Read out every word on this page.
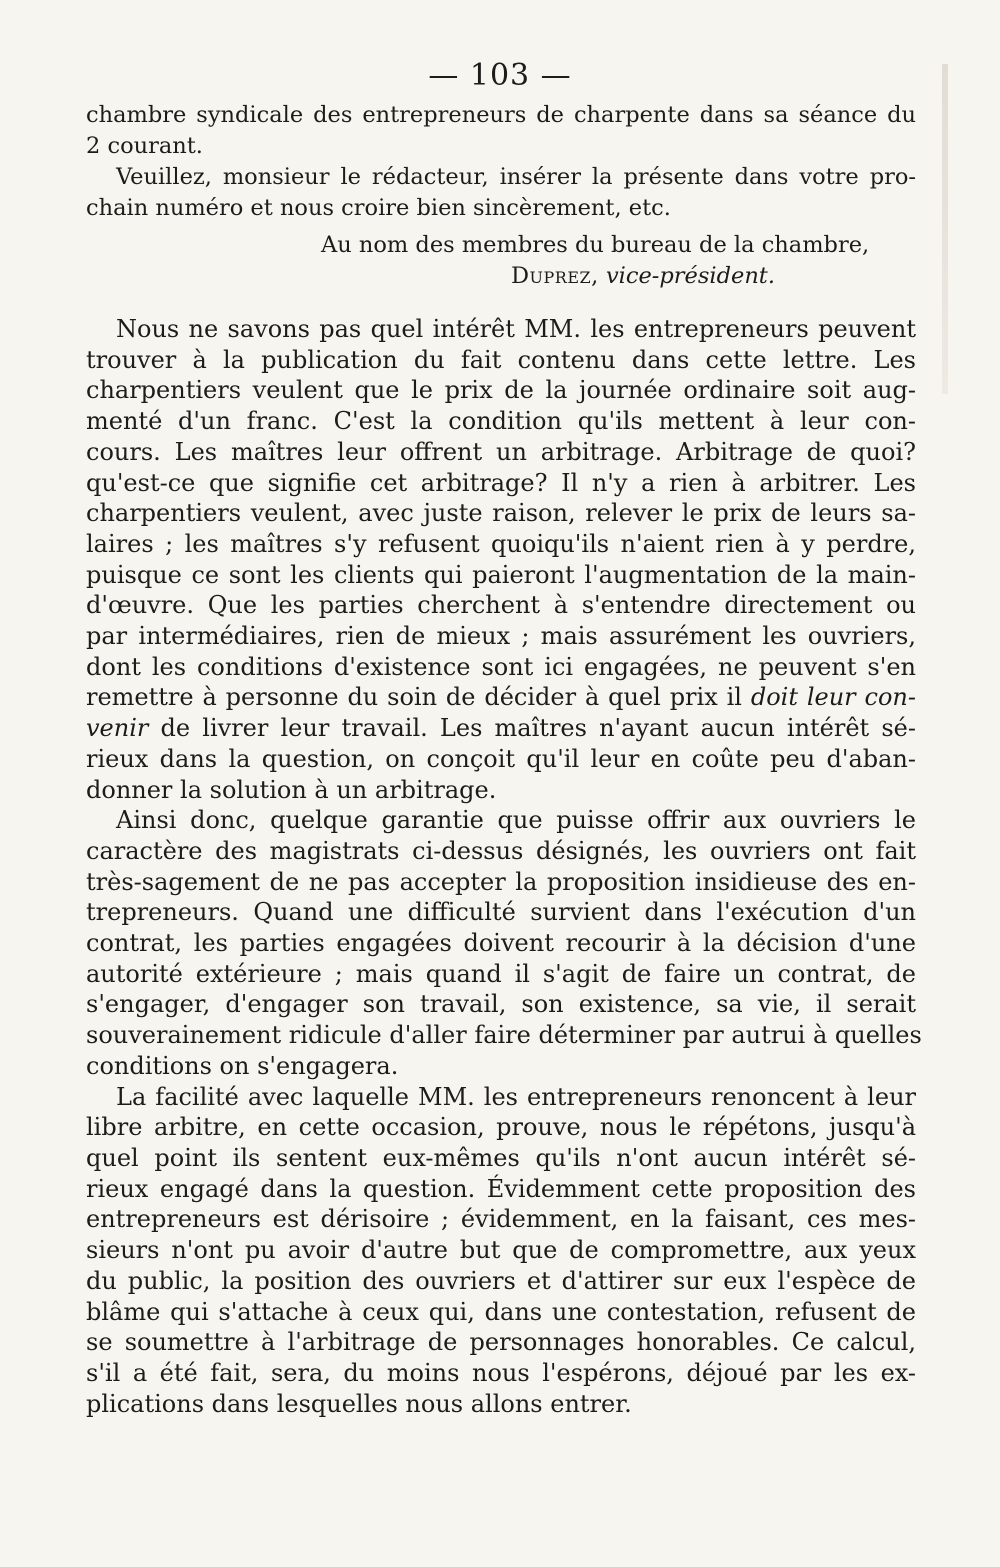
— 103 —
chambre syndicale des entrepreneurs de charpente dans sa séance du
2 courant.
Veuillez, monsieur le rédacteur, insérer la présente dans votre pro-
chain numéro et nous croire bien sincèrement, etc.
Au nom des membres du bureau de la chambre,
Duprez, vice-président.
Nous ne savons pas quel intérêt MM. les entrepreneurs peuvent
trouver à la publication du fait contenu dans cette lettre. Les
charpentiers veulent que le prix de la journée ordinaire soit aug-
menté d'un franc. C'est la condition qu'ils mettent à leur con-
cours. Les maîtres leur offrent un arbitrage. Arbitrage de quoi?
qu'est-ce que signifie cet arbitrage? Il n'y a rien à arbitrer. Les
charpentiers veulent, avec juste raison, relever le prix de leurs sa-
laires ; les maîtres s'y refusent quoiqu'ils n'aient rien à y perdre,
puisque ce sont les clients qui paieront l'augmentation de la main-
d'œuvre. Que les parties cherchent à s'entendre directement ou
par intermédiaires, rien de mieux ; mais assurément les ouvriers,
dont les conditions d'existence sont ici engagées, ne peuvent s'en
remettre à personne du soin de décider à quel prix il doit leur con-
venir de livrer leur travail. Les maîtres n'ayant aucun intérêt sé-
rieux dans la question, on conçoit qu'il leur en coûte peu d'aban-
donner la solution à un arbitrage.
Ainsi donc, quelque garantie que puisse offrir aux ouvriers le
caractère des magistrats ci-dessus désignés, les ouvriers ont fait
très-sagement de ne pas accepter la proposition insidieuse des en-
trepreneurs. Quand une difficulté survient dans l'exécution d'un
contrat, les parties engagées doivent recourir à la décision d'une
autorité extérieure ; mais quand il s'agit de faire un contrat, de
s'engager, d'engager son travail, son existence, sa vie, il serait
souverainement ridicule d'aller faire déterminer par autrui à quelles
conditions on s'engagera.
La facilité avec laquelle MM. les entrepreneurs renoncent à leur
libre arbitre, en cette occasion, prouve, nous le répétons, jusqu'à
quel point ils sentent eux-mêmes qu'ils n'ont aucun intérêt sé-
rieux engagé dans la question. Évidemment cette proposition des
entrepreneurs est dérisoire ; évidemment, en la faisant, ces mes-
sieurs n'ont pu avoir d'autre but que de compromettre, aux yeux
du public, la position des ouvriers et d'attirer sur eux l'espèce de
blâme qui s'attache à ceux qui, dans une contestation, refusent de
se soumettre à l'arbitrage de personnages honorables. Ce calcul,
s'il a été fait, sera, du moins nous l'espérons, déjoué par les ex-
plications dans lesquelles nous allons entrer.
